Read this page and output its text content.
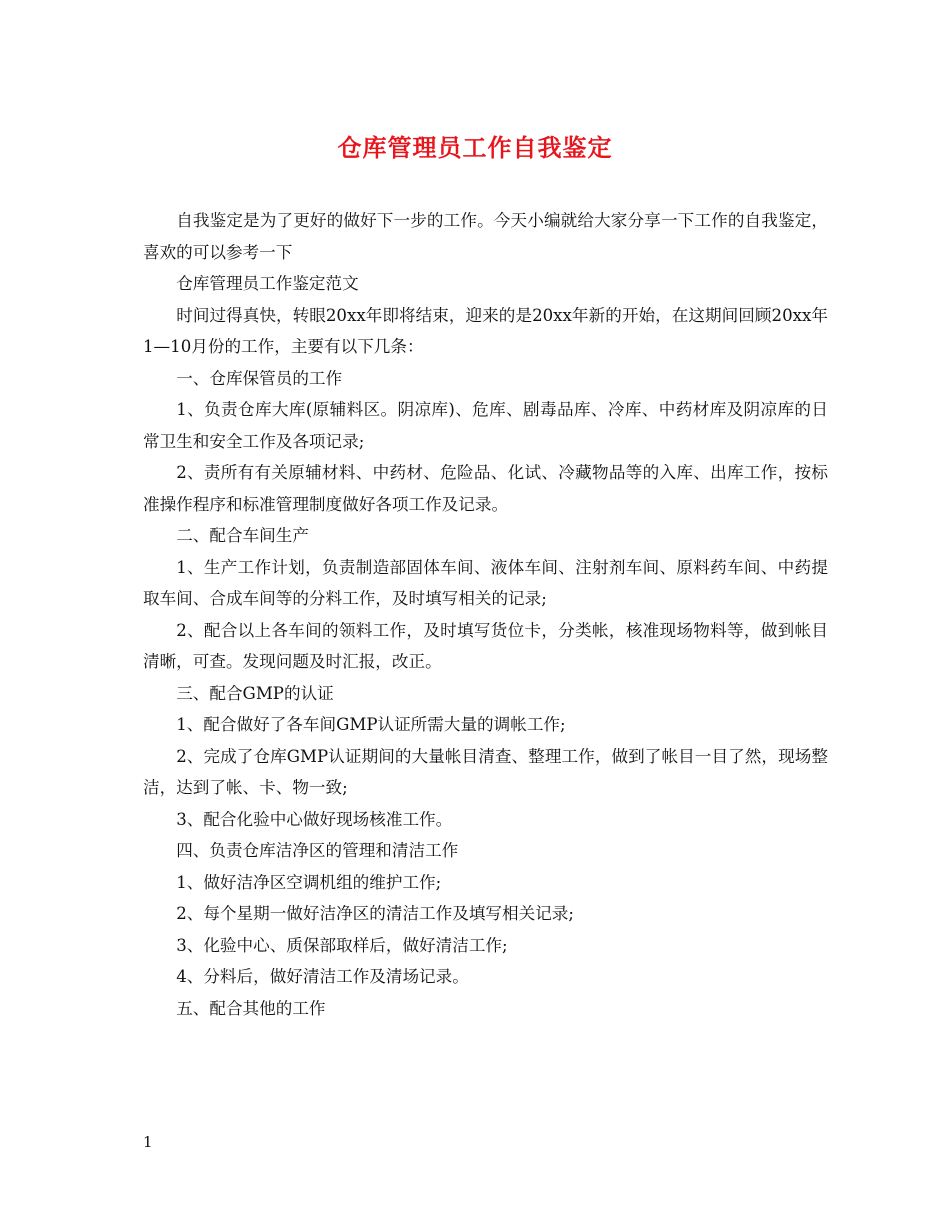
仓库管理员工作自我鉴定

自我鉴定是为了更好的做好下一步的工作。今天小编就给大家分享一下工作的自我鉴定，喜欢的可以参考一下

仓库管理员工作鉴定范文

时间过得真快，转眼20xx年即将结束，迎来的是20xx年新的开始，在这期间回顾20xx年1—10月份的工作，主要有以下几条：

一、仓库保管员的工作

1、负责仓库大库(原辅料区。阴凉库)、危库、剧毒品库、冷库、中药材库及阴凉库的日常卫生和安全工作及各项记录;

2、责所有有关原辅材料、中药材、危险品、化试、冷藏物品等的入库、出库工作，按标准操作程序和标准管理制度做好各项工作及记录。

二、配合车间生产

1、生产工作计划，负责制造部固体车间、液体车间、注射剂车间、原料药车间、中药提取车间、合成车间等的分料工作，及时填写相关的记录;

2、配合以上各车间的领料工作，及时填写货位卡，分类帐，核准现场物料等，做到帐目清晰，可查。发现问题及时汇报，改正。

三、配合GMP的认证

1、配合做好了各车间GMP认证所需大量的调帐工作;

2、完成了仓库GMP认证期间的大量帐目清查、整理工作，做到了帐目一目了然，现场整洁，达到了帐、卡、物一致;

3、配合化验中心做好现场核准工作。

四、负责仓库洁净区的管理和清洁工作

1、做好洁净区空调机组的维护工作;

2、每个星期一做好洁净区的清洁工作及填写相关记录;

3、化验中心、质保部取样后，做好清洁工作;

4、分料后，做好清洁工作及清场记录。

五、配合其他的工作

1
